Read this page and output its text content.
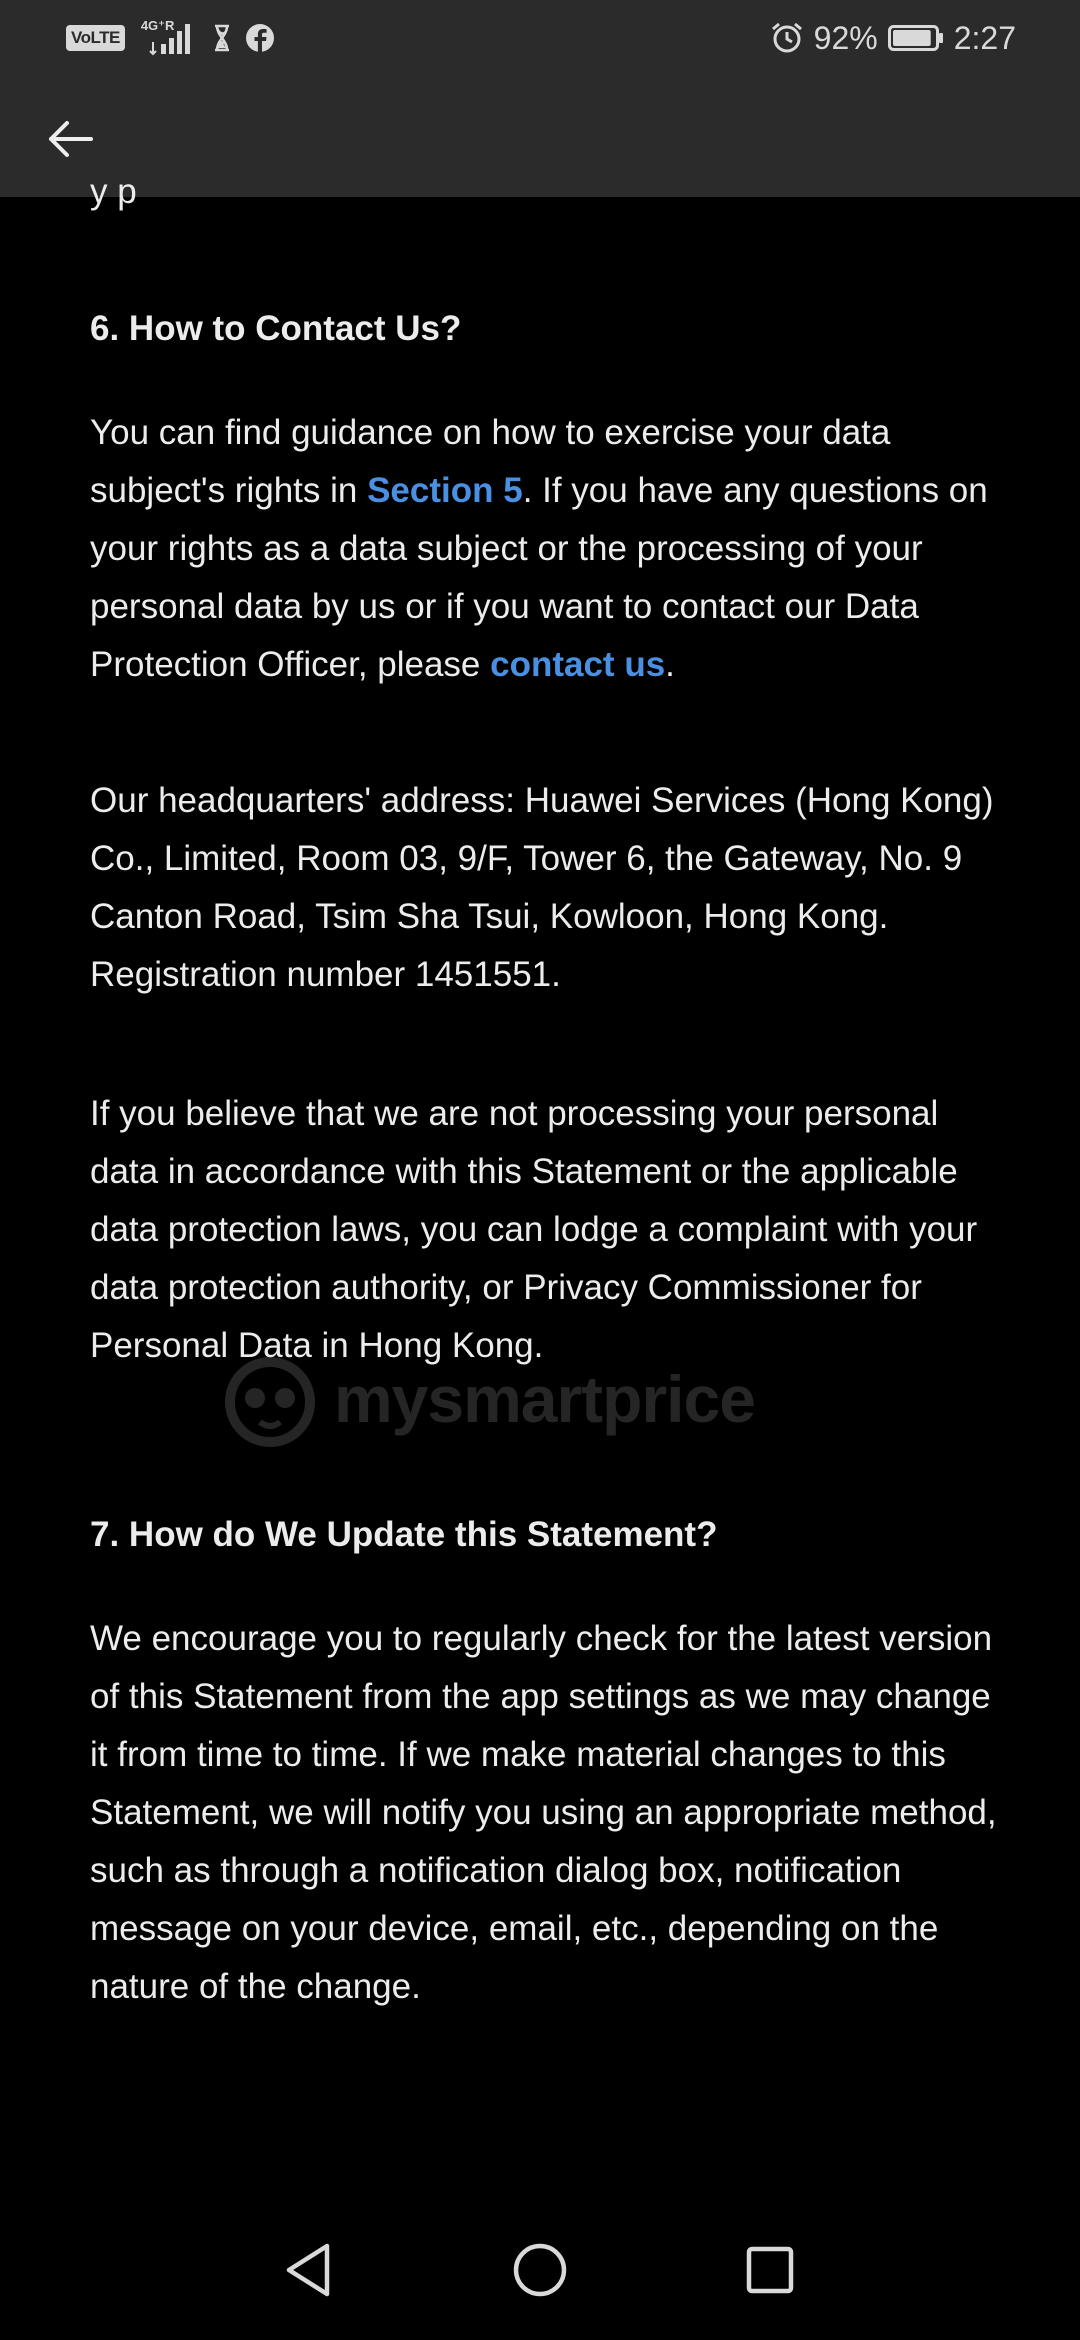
VoLTE
4G⁺R	92% 2:27
y p
6. How to Contact Us?
You can find guidance on how to exercise your data subject's rights in Section 5. If you have any questions on your rights as a data subject or the processing of your personal data by us or if you want to contact our Data Protection Officer, please contact us.
Our headquarters' address: Huawei Services (Hong Kong) Co., Limited, Room 03, 9/F, Tower 6, the Gateway, No. 9 Canton Road, Tsim Sha Tsui, Kowloon, Hong Kong. Registration number 1451551.
If you believe that we are not processing your personal data in accordance with this Statement or the applicable data protection laws, you can lodge a complaint with your data protection authority, or Privacy Commissioner for Personal Data in Hong Kong.
7. How do We Update this Statement?
We encourage you to regularly check for the latest version of this Statement from the app settings as we may change it from time to time. If we make material changes to this Statement, we will notify you using an appropriate method, such as through a notification dialog box, notification message on your device, email, etc., depending on the nature of the change.
mysmartprice
